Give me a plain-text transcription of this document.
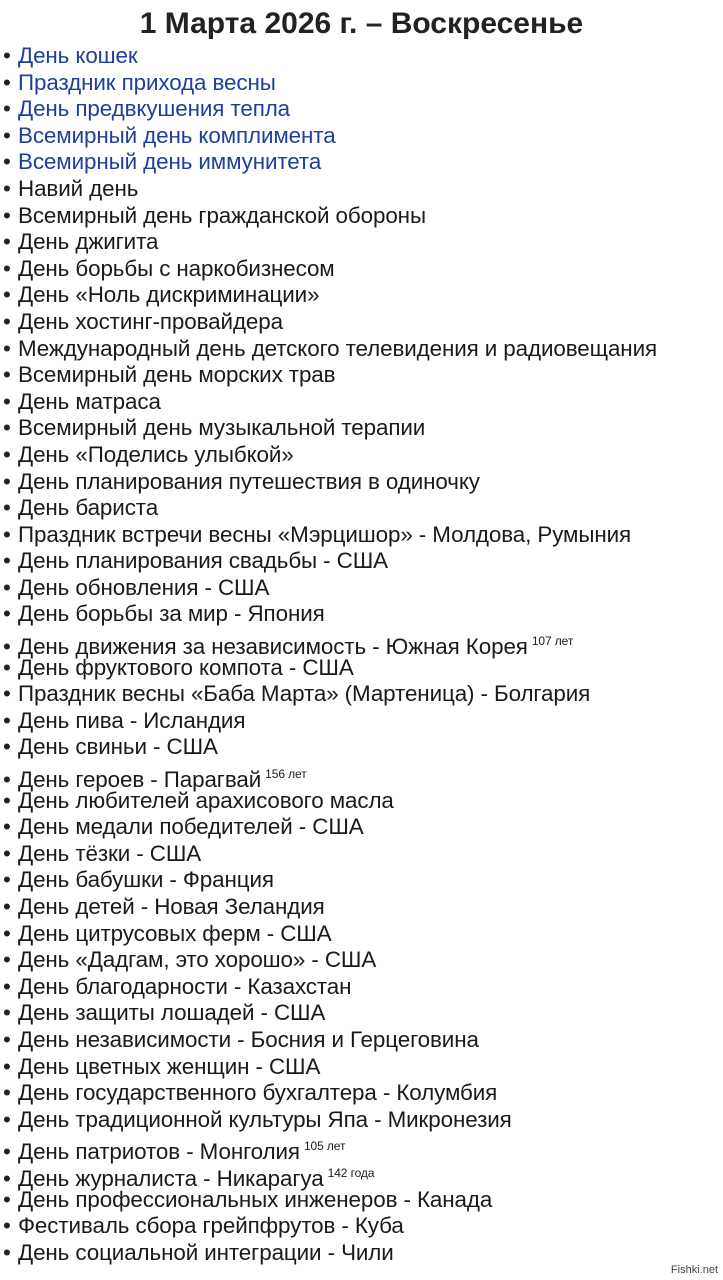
1 Марта 2026 г. – Воскресенье
• День кошек
• Праздник прихода весны
• День предвкушения тепла
• Всемирный день комплимента
• Всемирный день иммунитета
• Навий день
• Всемирный день гражданской обороны
• День джигита
• День борьбы с наркобизнесом
• День «Ноль дискриминации»
• День хостинг-провайдера
• Международный день детского телевидения и радиовещания
• Всемирный день морских трав
• День матраса
• Всемирный день музыкальной терапии
• День «Поделись улыбкой»
• День планирования путешествия в одиночку
• День бариста
• Праздник встречи весны «Мэрцишор» - Молдова, Румыния
• День планирования свадьбы - США
• День обновления - США
• День борьбы за мир - Япония
• День движения за независимость - Южная Корея $^{107 лет}$
• День фруктового компота - США
• Праздник весны «Баба Марта» (Мартеница) - Болгария
• День пива - Исландия
• День свиньи - США
• День героев - Парагвай $^{156 лет}$
• День любителей арахисового масла
• День медали победителей - США
• День тёзки - США
• День бабушки - Франция
• День детей - Новая Зеландия
• День цитрусовых ферм - США
• День «Дадгам, это хорошо» - США
• День благодарности - Казахстан
• День защиты лошадей - США
• День независимости - Босния и Герцеговина
• День цветных женщин - США
• День государственного бухгалтера - Колумбия
• День традиционной культуры Япа - Микронезия
• День патриотов - Монголия $^{105 лет}$
• День журналиста - Никарагуа $^{142 года}$
• День профессиональных инженеров - Канада
• Фестиваль сбора грейпфрутов - Куба
• День социальной интеграции - Чили
Fishki.net
